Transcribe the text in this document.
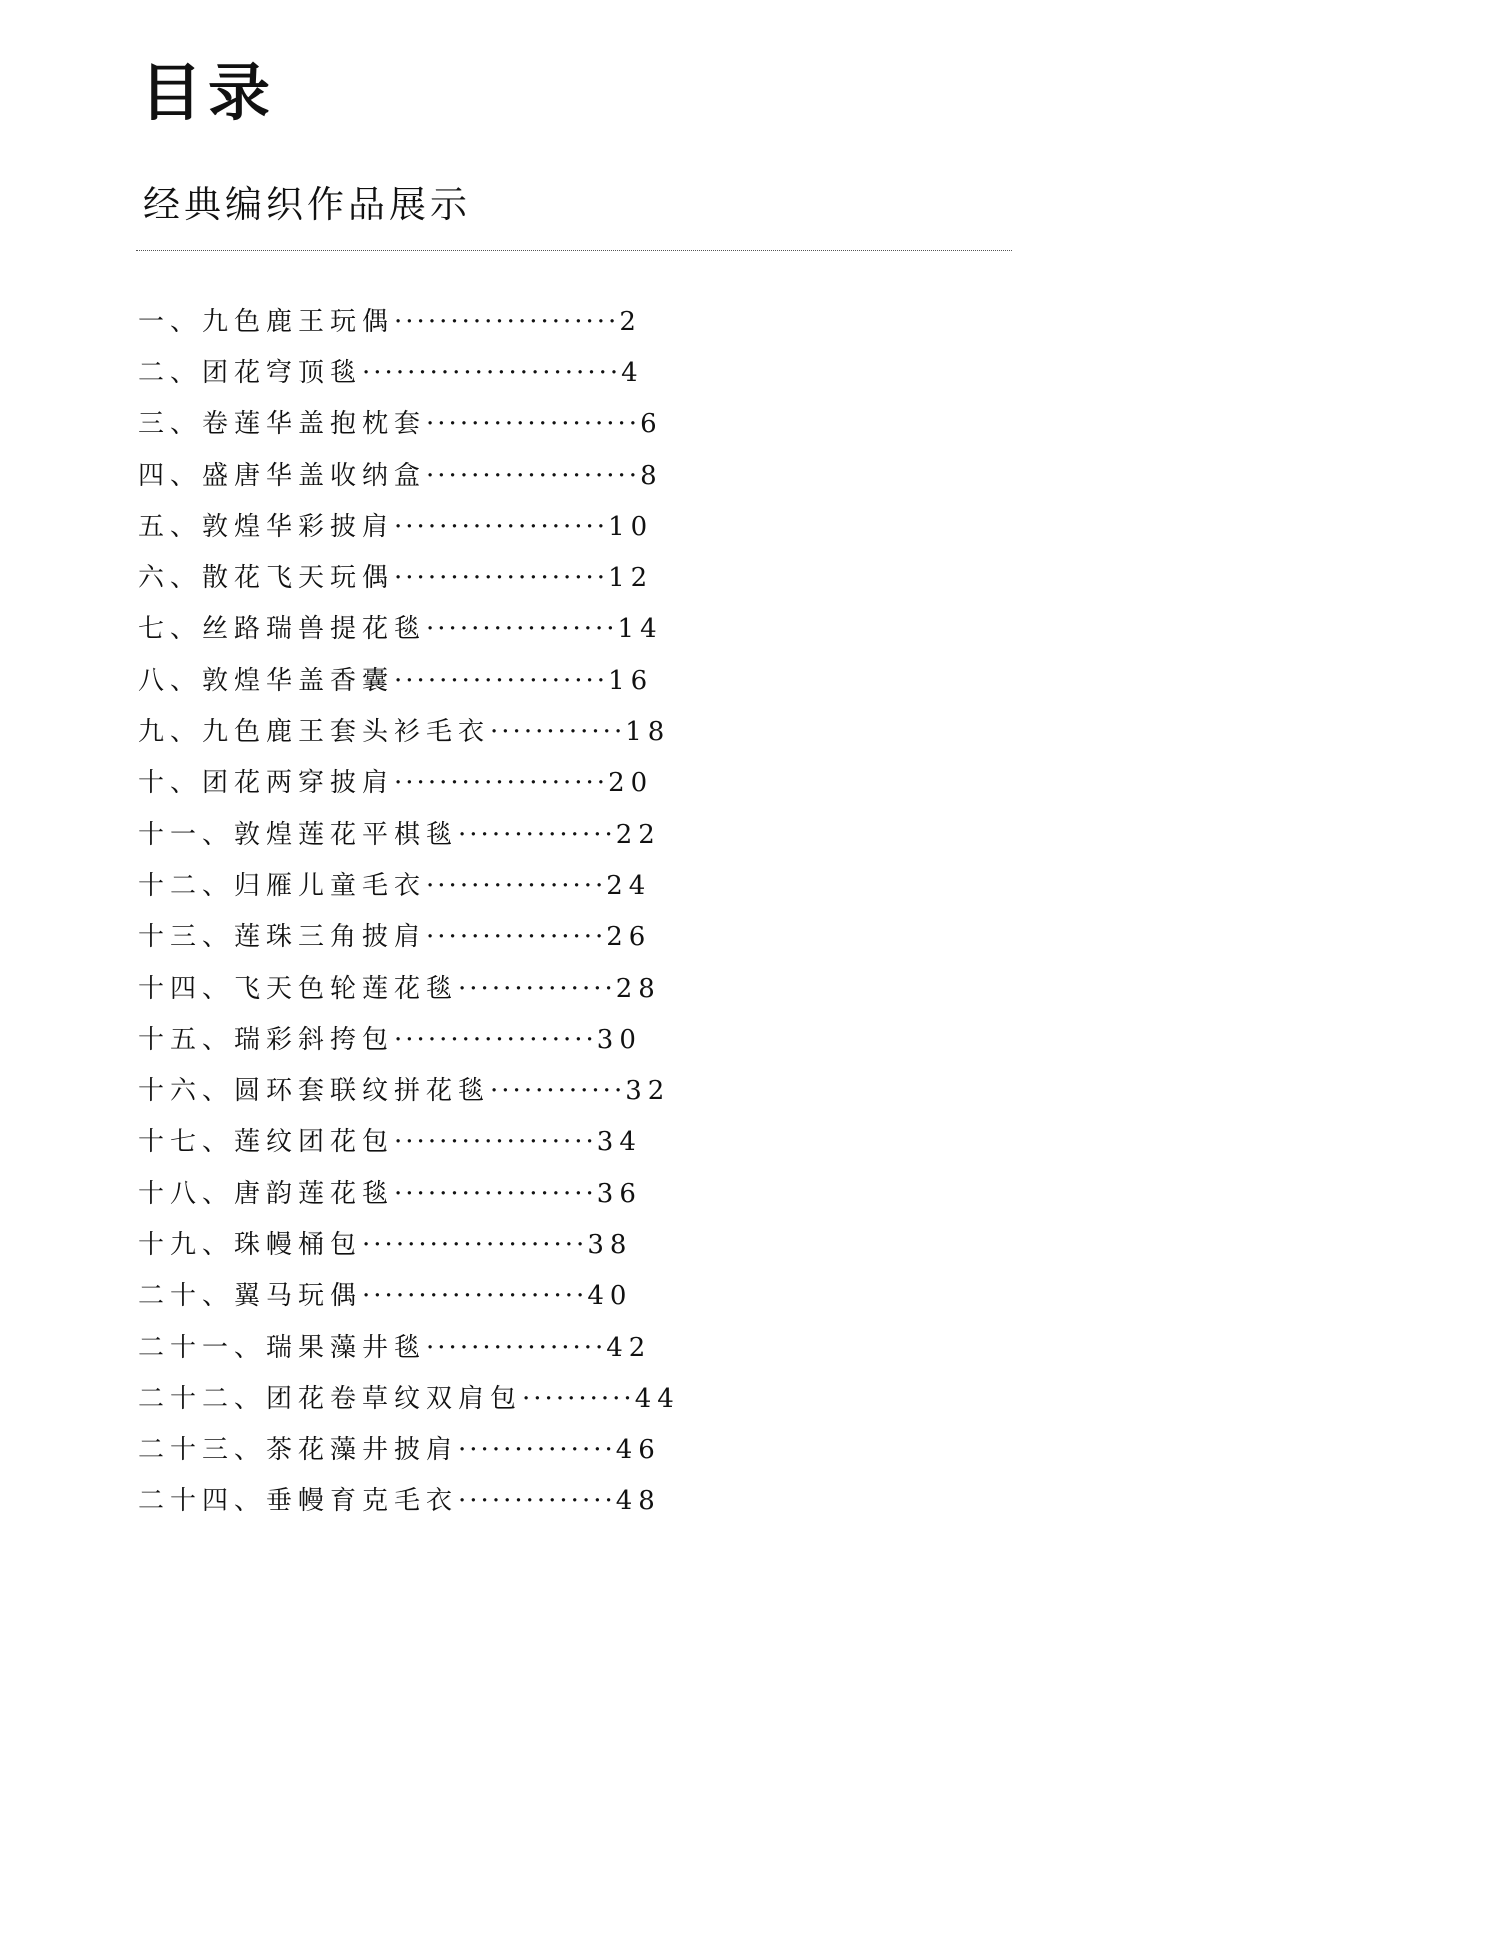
目录
经典编织作品展示
一、 九色鹿王玩偶 ···················· 2
二、 团花穹顶毯 ······················· 4
三、 卷莲华盖抱枕套 ··················· 6
四、 盛唐华盖收纳盒 ··················· 8
五、 敦煌华彩披肩 ··················· 10
六、 散花飞天玩偶 ··················· 12
七、 丝路瑞兽提花毯 ················· 14
八、 敦煌华盖香囊 ··················· 16
九、 九色鹿王套头衫毛衣 ············ 18
十、 团花两穿披肩 ··················· 20
十一、 敦煌莲花平棋毯 ·············· 22
十二、 归雁儿童毛衣 ················ 24
十三、 莲珠三角披肩 ················ 26
十四、 飞天色轮莲花毯 ·············· 28
十五、 瑞彩斜挎包 ·················· 30
十六、 圆环套联纹拼花毯 ············ 32
十七、 莲纹团花包 ·················· 34
十八、 唐韵莲花毯 ·················· 36
十九、 珠幔桶包 ···················· 38
二十、 翼马玩偶 ···················· 40
二十一、 瑞果藻井毯 ················ 42
二十二、 团花卷草纹双肩包 ·········· 44
二十三、 茶花藻井披肩 ·············· 46
二十四、 垂幔育克毛衣 ·············· 48
